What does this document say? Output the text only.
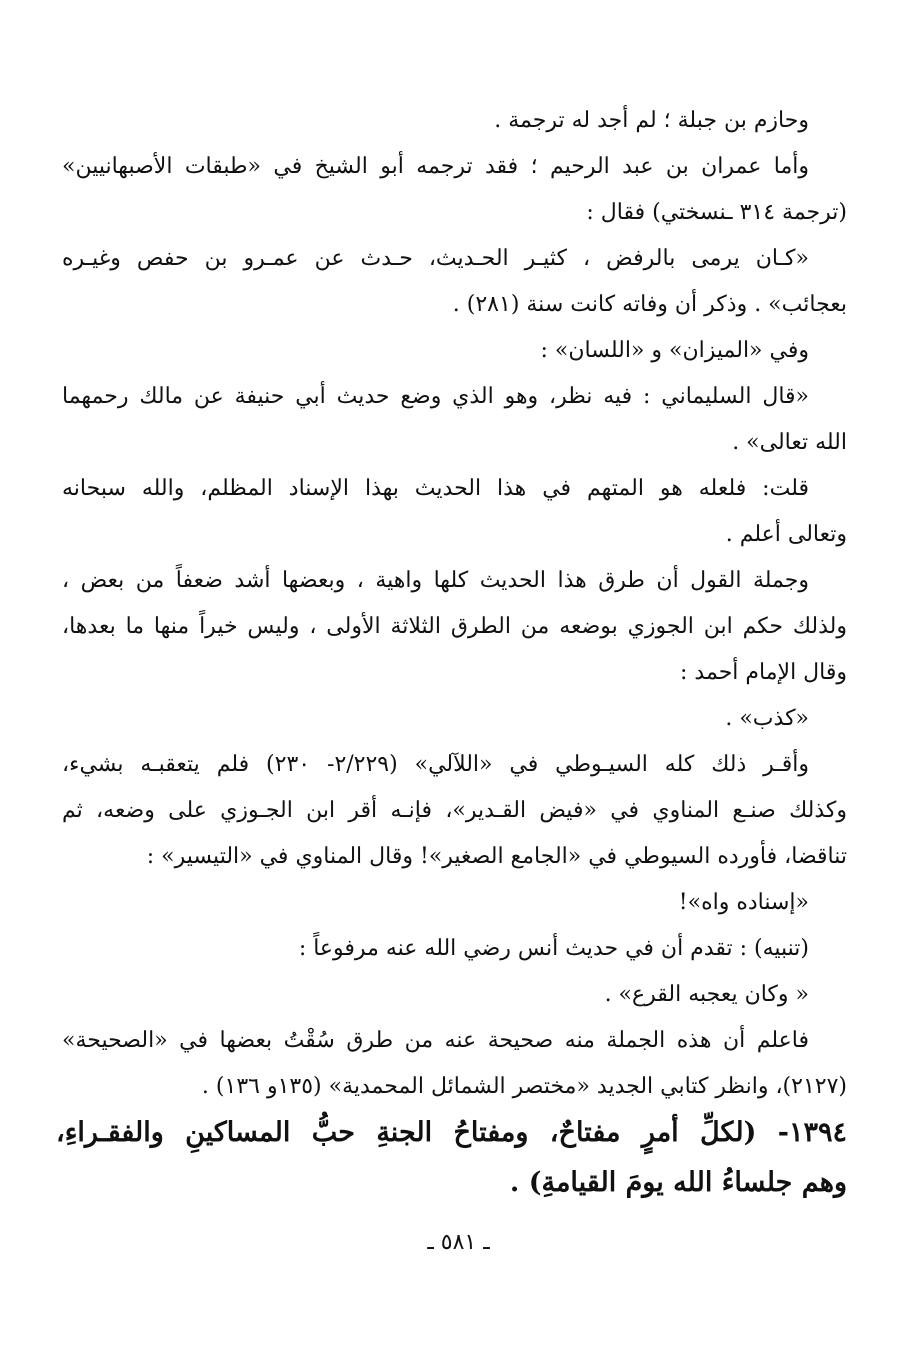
وحازم بن جبلة ؛ لم أجد له ترجمة .
وأما عمران بن عبد الرحيم ؛ فقد ترجمه أبو الشيخ في «طبقات الأصبهانيين»
(ترجمة ٣١٤ ـنسختي) فقال :
«كـان يرمى بالرفض ، كثيـر الحـديث، حـدث عن عمـرو بن حفص وغيـره
بعجائب» . وذكر أن وفاته كانت سنة (٢٨١) .
وفي «الميزان» و «اللسان» :
«قال السليماني : فيه نظر، وهو الذي وضع حديث أبي حنيفة عن مالك رحمهما
الله تعالى» .
قلت: فلعله هو المتهم في هذا الحديث بهذا الإسناد المظلم، والله سبحانه
وتعالى أعلم .
وجملة القول أن طرق هذا الحديث كلها واهية ، وبعضها أشد ضعفاً من بعض ،
ولذلك حكم ابن الجوزي بوضعه من الطرق الثلاثة الأولى ، وليس خيراً منها ما بعدها،
وقال الإمام أحمد :
«كذب» .
وأقـر ذلك كله السيـوطي في «اللآلي» (٢/٢٢٩- ٢٣٠) فلم يتعقبـه بشيء،
وكذلك صنـع المناوي في «فيض القـدير»، فإنـه أقر ابن الجـوزي على وضعه، ثم
تناقضا، فأورده السيوطي في «الجامع الصغير»! وقال المناوي في «التيسير» :
«إسناده واه»!
(تنبيه) : تقدم أن في حديث أنس رضي الله عنه مرفوعاً :
« وكان يعجبه القرع» .
فاعلم أن هذه الجملة منه صحيحة عنه من طرق سُقْتُ بعضها في «الصحيحة»
(٢١٢٧)، وانظر كتابي الجديد «مختصر الشمائل المحمدية» (١٣٥و ١٣٦) .
١٣٩٤- (لكلِّ أمرٍ مفتاحٌ، ومفتاحُ الجنةِ حبُّ المساكينِ والفقـراءِ،
وهم جلساءُ الله يومَ القيامةِ) .
ـ ٥٨١ ـ
